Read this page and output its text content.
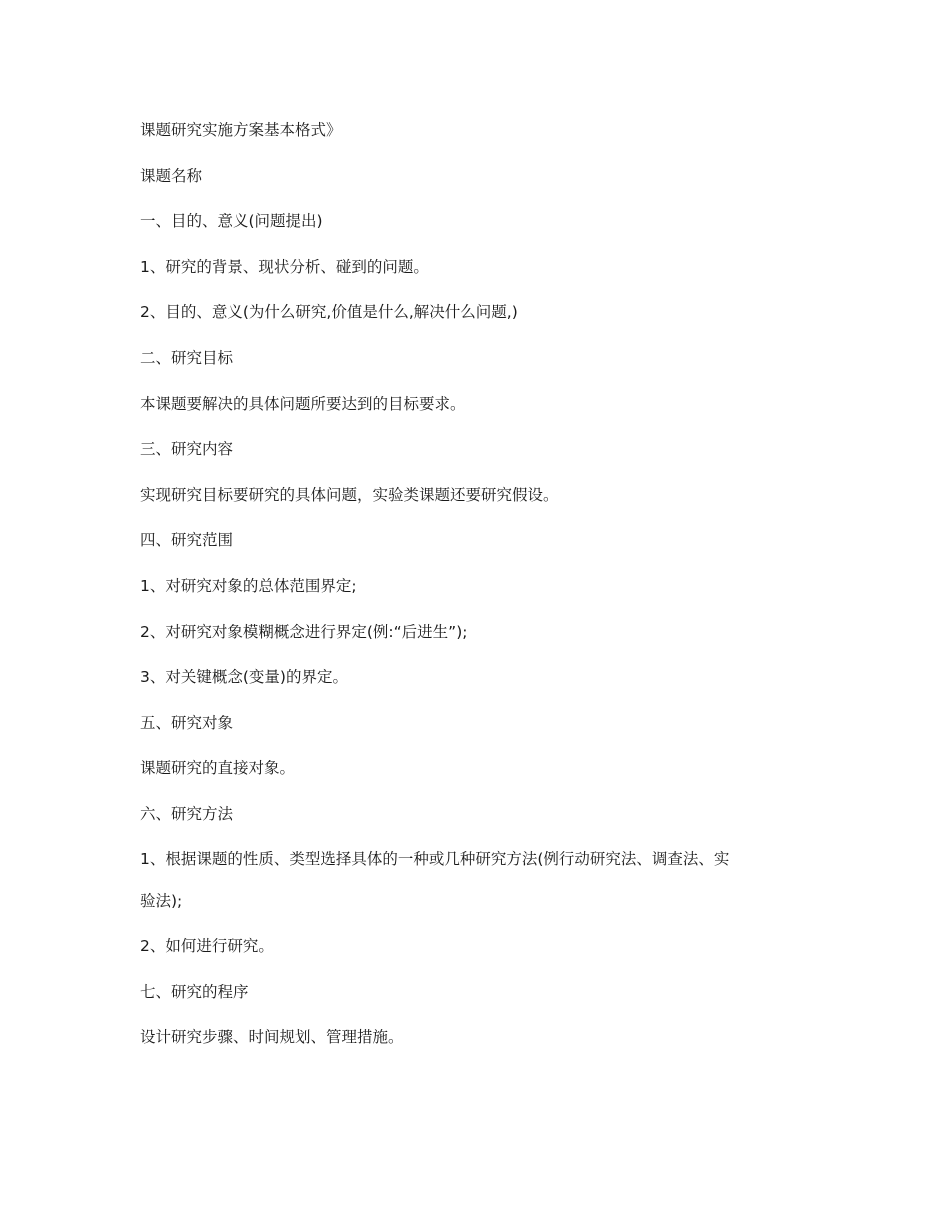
课题研究实施方案基本格式》

课题名称

一、目的、意义(问题提出)

1、研究的背景、现状分析、碰到的问题。

2、目的、意义(为什么研究,价值是什么,解决什么问题,)

二、研究目标

本课题要解决的具体问题所要达到的目标要求。

三、研究内容

实现研究目标要研究的具体问题，实验类课题还要研究假设。

四、研究范围

1、对研究对象的总体范围界定;

2、对研究对象模糊概念进行界定(例:“后进生”);

3、对关键概念(变量)的界定。

五、研究对象

课题研究的直接对象。

六、研究方法

1、根据课题的性质、类型选择具体的一种或几种研究方法(例行动研究法、调查法、实

验法);

2、如何进行研究。

七、研究的程序

设计研究步骤、时间规划、管理措施。
